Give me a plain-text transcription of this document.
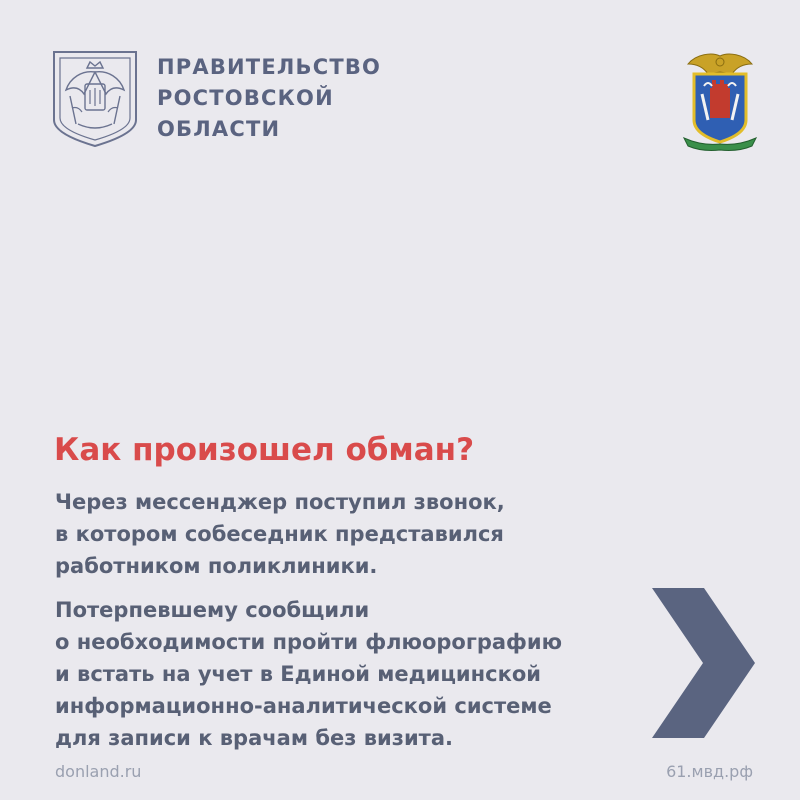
ПРАВИТЕЛЬСТВО
РОСТОВСКОЙ
ОБЛАСТИ
Как произошел обман?
Через мессенджер поступил звонок,
в котором собеседник представился
работником поликлиники.
Потерпевшему сообщили
о необходимости пройти флюорографию
и встать на учет в Единой медицинской
информационно-аналитической системе
для записи к врачам без визита.
donland.ru	61.мвд.рф
